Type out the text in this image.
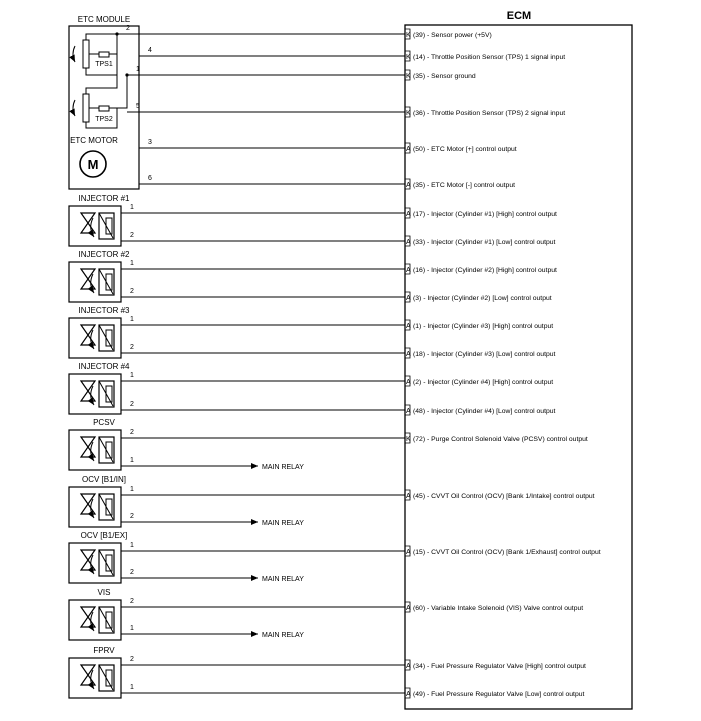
ECM
ETC MODULE
TPS1
TPS2
ETC MOTOR
M
INJECTOR #1
INJECTOR #2
INJECTOR #3
INJECTOR #4
PCSV
OCV [B1/IN]
OCV [B1/EX]
VIS
FPRV
2
K (39) - Sensor power (+5V)
4
K (14) - Throttle Position Sensor (TPS) 1 signal input
1
K (35) - Sensor ground
5
K (36) - Throttle Position Sensor (TPS) 2 signal input
3
A (50) - ETC Motor [+] control output
6
A (35) - ETC Motor [-] control output
1
A (17) - Injector (Cylinder #1) [High] control output
2
A (33) - Injector (Cylinder #1) [Low] control output
1
A (16) - Injector (Cylinder #2) [High] control output
2
A (3) - Injector (Cylinder #2) [Low] control output
1
A (1) - Injector (Cylinder #3) [High] control output
2
A (18) - Injector (Cylinder #3) [Low] control output
1
A (2) - Injector (Cylinder #4) [High] control output
2
A (48) - Injector (Cylinder #4) [Low] control output
2
K (72) - Purge Control Solenoid Valve (PCSV) control output
1
A (45) - CVVT Oil Control (OCV) [Bank 1/Intake] control output
1
A (15) - CVVT Oil Control (OCV) [Bank 1/Exhaust] control output
2
A (60) - Variable Intake Solenoid (VIS) Valve control output
2
A (34) - Fuel Pressure Regulator Valve [High] control output
1
A (49) - Fuel Pressure Regulator Valve [Low] control output
1
MAIN RELAY
2
MAIN RELAY
2
MAIN RELAY
1
MAIN RELAY
